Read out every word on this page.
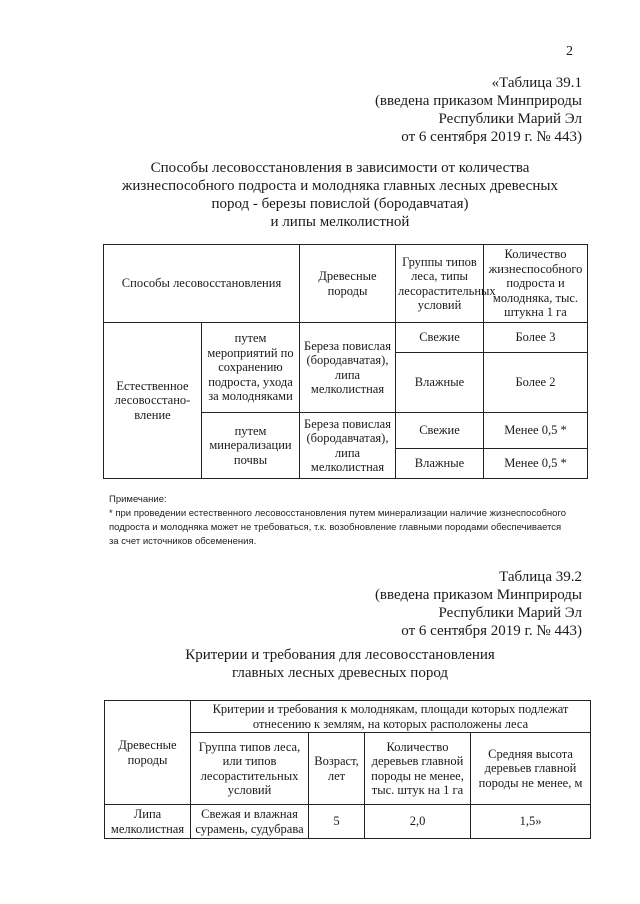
2
«Таблица 39.1
(введена приказом Минприроды
Республики Марий Эл
от 6 сентября 2019 г. № 443)
Способы лесовосстановления в зависимости от количества
жизнеспособного подроста и молодняка главных лесных древесных
пород - березы повислой (бородавчатая)
и липы мелколистной
Способы лесовосстановления		Древесные породы	Группы типов леса, типы лесорастительных условий	Количество жизнеспособного подроста и молодняка, тыс. штукна 1 га
Естественное лесовосстано-вление	путем мероприятий по сохранению подроста, ухода за молодняками	Береза повислая (бородавчатая), липа мелколистная	Свежие	Более 3
			Влажные	Более 2
	путем минерализации почвы	Береза повислая (бородавчатая), липа мелколистная	Свежие	Менее 0,5 *
			Влажные	Менее 0,5 *
Примечание:
* при проведении естественного лесовосстановления путем минерализации наличие жизнеспособного
подроста и молодняка может не требоваться, т.к. возобновление главными породами обеспечивается
за счет источников обсеменения.
Таблица 39.2
(введена приказом Минприроды
Республики Марий Эл
от 6 сентября 2019 г. № 443)
Критерии и требования для лесовосстановления
главных лесных древесных пород
Древесные породы	Критерии и требования к молоднякам, площади которых подлежат отнесению к землям, на которых расположены леса			
	Группа типов леса, или типов лесорастительных условий	Возраст, лет	Количество деревьев главной породы не менее, тыс. штук на 1 га	Средняя высота деревьев главной породы не менее, м
Липа мелколистная	Свежая и влажная сурамень, судубрава	5	2,0	1,5»
